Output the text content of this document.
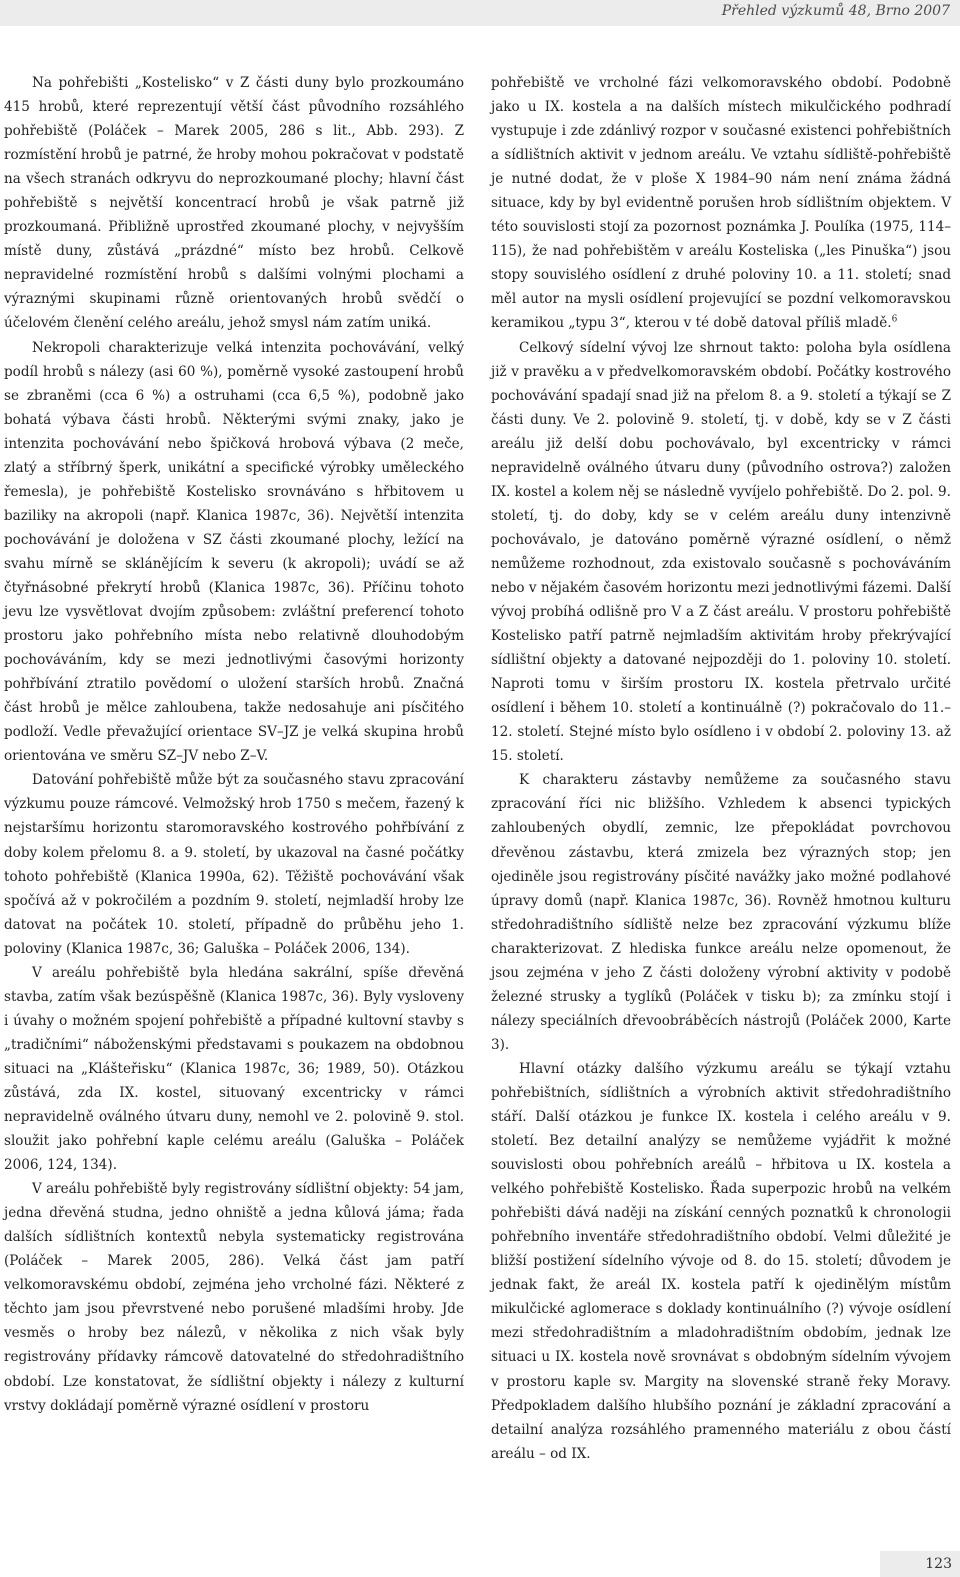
Přehled výzkumů 48, Brno 2007

Na pohřebišti „Kostelisko“ v Z části duny bylo prozkoumáno 415 hrobů, které reprezentují větší část původního rozsáhlého pohřebiště (Poláček – Marek 2005, 286 s lit., Abb. 293). Z rozmístění hrobů je patrné, že hroby mohou pokračovat v podstatě na všech stranách odkryvu do neprozkoumané plochy; hlavní část pohřebiště s největší koncentrací hrobů je však patrně již prozkoumaná. Přibližně uprostřed zkoumané plochy, v nejvyšším místě duny, zůstává „prázdné“ místo bez hrobů. Celkově nepravidelné rozmístění hrobů s dalšími volnými plochami a výraznými skupinami různě orientovaných hrobů svědčí o účelovém členění celého areálu, jehož smysl nám zatím uniká.

Nekropoli charakterizuje velká intenzita pochovávání, velký podíl hrobů s nálezy (asi 60 %), poměrně vysoké zastoupení hrobů se zbraněmi (cca 6 %) a ostruhami (cca 6,5 %), podobně jako bohatá výbava části hrobů. Některými svými znaky, jako je intenzita pochovávání nebo špičková hrobová výbava (2 meče, zlatý a stříbrný šperk, unikátní a specifické výrobky uměleckého řemesla), je pohřebiště Kostelisko srovnáváno s hřbitovem u baziliky na akropoli (např. Klanica 1987c, 36). Největší intenzita pochovávání je doložena v SZ části zkoumané plochy, ležící na svahu mírně se sklánějícím k severu (k akropoli); uvádí se až čtyřnásobné překrytí hrobů (Klanica 1987c, 36). Příčinu tohoto jevu lze vysvětlovat dvojím způsobem: zvláštní preferencí tohoto prostoru jako pohřebního místa nebo relativně dlouhodobým pochováváním, kdy se mezi jednotlivými časovými horizonty pohřbívání ztratilo povědomí o uložení starších hrobů. Značná část hrobů je mělce zahloubena, takže nedosahuje ani písčitého podloží. Vedle převažující orientace SV–JZ je velká skupina hrobů orientována ve směru SZ–JV nebo Z–V.

Datování pohřebiště může být za současného stavu zpracování výzkumu pouze rámcové. Velmožský hrob 1750 s mečem, řazený k nejstaršímu horizontu staromoravského kostrového pohřbívání z doby kolem přelomu 8. a 9. století, by ukazoval na časné počátky tohoto pohřebiště (Klanica 1990a, 62). Těžiště pochovávání však spočívá až v pokročilém a pozdním 9. století, nejmladší hroby lze datovat na počátek 10. století, případně do průběhu jeho 1. poloviny (Klanica 1987c, 36; Galuška – Poláček 2006, 134).

V areálu pohřebiště byla hledána sakrální, spíše dřevěná stavba, zatím však bezúspěšně (Klanica 1987c, 36). Byly vysloveny i úvahy o možném spojení pohřebiště a případné kultovní stavby s „tradičními“ náboženskými představami s poukazem na obdobnou situaci na „Klášteřisku“ (Klanica 1987c, 36; 1989, 50). Otázkou zůstává, zda IX. kostel, situovaný excentricky v rámci nepravidelně oválného útvaru duny, nemohl ve 2. polovině 9. stol. sloužit jako pohřební kaple celému areálu (Galuška – Poláček 2006, 124, 134).

V areálu pohřebiště byly registrovány sídlištní objekty: 54 jam, jedna dřevěná studna, jedno ohniště a jedna kůlová jáma; řada dalších sídlištních kontextů nebyla systematicky registrována (Poláček – Marek 2005, 286). Velká část jam patří velkomoravskému období, zejména jeho vrcholné fázi. Některé z těchto jam jsou převrstvené nebo porušené mladšími hroby. Jde vesměs o hroby bez nálezů, v několika z nich však byly registrovány přídavky rámcově datovatelné do středohradištního období. Lze konstatovat, že sídlištní objekty i nálezy z kulturní vrstvy dokládají poměrně výrazné osídlení v prostoru

pohřebiště ve vrcholné fázi velkomoravského období. Podobně jako u IX. kostela a na dalších místech mikulčického podhradí vystupuje i zde zdánlivý rozpor v současné existenci pohřebištních a sídlištních aktivit v jednom areálu. Ve vztahu sídliště-pohřebiště je nutné dodat, že v ploše X 1984–90 nám není známa žádná situace, kdy by byl evidentně porušen hrob sídlištním objektem. V této souvislosti stojí za pozornost poznámka J. Poulíka (1975, 114–115), že nad pohřebištěm v areálu Kosteliska („les Pinuška“) jsou stopy souvislého osídlení z druhé poloviny 10. a 11. století; snad měl autor na mysli osídlení projevující se pozdní velkomoravskou keramikou „typu 3“, kterou v té době datoval příliš mladě.$^6$

Celkový sídelní vývoj lze shrnout takto: poloha byla osídlena již v pravěku a v předvelkomoravském období. Počátky kostrového pochovávání spadají snad již na přelom 8. a 9. století a týkají se Z části duny. Ve 2. polovině 9. století, tj. v době, kdy se v Z části areálu již delší dobu pochovávalo, byl excentricky v rámci nepravidelně oválného útvaru duny (původního ostrova?) založen IX. kostel a kolem něj se následně vyvíjelo pohřebiště. Do 2. pol. 9. století, tj. do doby, kdy se v celém areálu duny intenzivně pochovávalo, je datováno poměrně výrazné osídlení, o němž nemůžeme rozhodnout, zda existovalo současně s pochováváním nebo v nějakém časovém horizontu mezi jednotlivými fázemi. Další vývoj probíhá odlišně pro V a Z část areálu. V prostoru pohřebiště Kostelisko patří patrně nejmladším aktivitám hroby překrývající sídlištní objekty a datované nejpozději do 1. poloviny 10. století. Naproti tomu v širším prostoru IX. kostela přetrvalo určité osídlení i během 10. století a kontinuálně (?) pokračovalo do 11.–12. století. Stejné místo bylo osídleno i v období 2. poloviny 13. až 15. století.

K charakteru zástavby nemůžeme za současného stavu zpracování říci nic bližšího. Vzhledem k absenci typických zahloubených obydlí, zemnic, lze přepokládat povrchovou dřevěnou zástavbu, která zmizela bez výrazných stop; jen ojediněle jsou registrovány písčité navážky jako možné podlahové úpravy domů (např. Klanica 1987c, 36). Rovněž hmotnou kulturu středohradištního sídliště nelze bez zpracování výzkumu blíže charakterizovat. Z hlediska funkce areálu nelze opomenout, že jsou zejména v jeho Z části doloženy výrobní aktivity v podobě železné strusky a tyglíků (Poláček v tisku b); za zmínku stojí i nálezy speciálních dřevoobráběcích nástrojů (Poláček 2000, Karte 3).

Hlavní otázky dalšího výzkumu areálu se týkají vztahu pohřebištních, sídlištních a výrobních aktivit středohradištního stáří. Další otázkou je funkce IX. kostela i celého areálu v 9. století. Bez detailní analýzy se nemůžeme vyjádřit k možné souvislosti obou pohřebních areálů – hřbitova u IX. kostela a velkého pohřebiště Kostelisko. Řada superpozic hrobů na velkém pohřebišti dává naději na získání cenných poznatků k chronologii pohřebního inventáře středohradištního období. Velmi důležité je bližší postižení sídelního vývoje od 8. do 15. století; důvodem je jednak fakt, že areál IX. kostela patří k ojedinělým místům mikulčické aglomerace s doklady kontinuálního (?) vývoje osídlení mezi středohradištním a mladohradištním obdobím, jednak lze situaci u IX. kostela nově srovnávat s obdobným sídelním vývojem v prostoru kaple sv. Margity na slovenské straně řeky Moravy. Předpokladem dalšího hlubšího poznání je základní zpracování a detailní analýza rozsáhlého pramenného materiálu z obou částí areálu – od IX.

123
